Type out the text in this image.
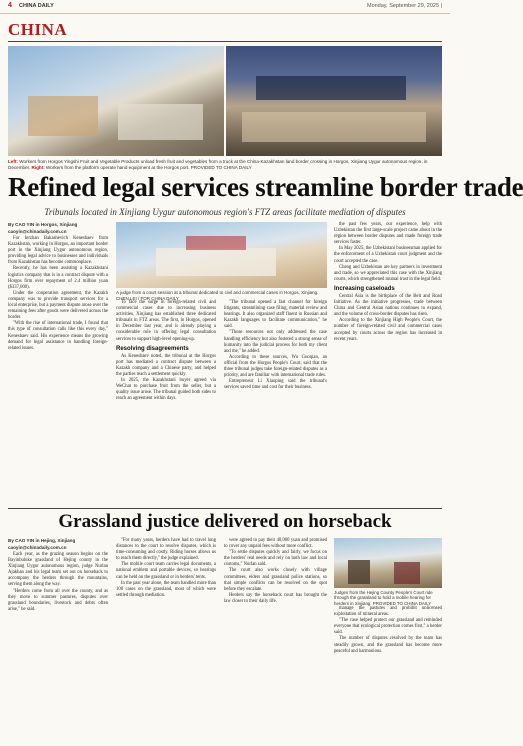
4 CHINA DAILY	Monday, September 29, 2025 |
CHINA
Left: Workers from Horgos Yingshi Fruit and Vegetable Products unload fresh fruit and vegetables from a truck at the China-Kazakhstan land border crossing in Horgos, Xinjiang Uygur autonomous region, in December. Right: Workers from the platform operate hand equipment at the Horgos port. PROVIDED TO CHINA DAILY
Refined legal services streamline border trade
Tribunals located in Xinjiang Uygur autonomous region's FTZ areas facilitate mediation of disputes
By CAO YIN in Horgos, Xinjiang
caoyin@chinadaily.com.cn

For Ierzhan Bakashevich Kenesbaev from Kazakhstan, working in Horgos, an important border port in the Xinjiang Uygur autonomous region, providing legal advice to businesses and individuals from Kazakhstan has become commonplace.

Recently, he has been assisting a Kazakhstani logistics company that is in a contract dispute with a Horgos firm over repayment of 2.4 million yuan ($337,000).

Under the cooperation agreement, the Kazakh company was to provide transport services for a local enterprise, but a payment dispute arose over the remaining fees after goods were delivered across the border.

"With the rise of international trade, I found that this type of consultation calls like this every day," Kenesbaev said. His experience means the growing demand for legal assistance in handling foreign-related issues.

A judge from a court session at a tribunal dedicated to civil and commercial cases in Horgos, Xinjiang. CHEN LEI / FOR CHINA DAILY

To face the surge in foreign-related civil and commercial cases due to increasing business activities, Xinjiang has established three dedicated tribunals in FTZ areas. The first, in Horgos, opened in December last year, and is already playing a considerable role in offering legal consultation services to support high-level opening-up.

Resolving disagreements

As Kenesbaev noted, the tribunal at the Horgos port has mediated a contract dispute between a Kazakh company and a Chinese party, and helped the parties reach a settlement quickly.

In 2025, the Kazakhstani buyer agreed via WeChat to purchase fruit from the seller, but a quality issue arose. The tribunal guided both sides to reach an agreement within days.

"The tribunal opened a fast channel for foreign litigants, streamlining case filing, material review and hearings. It also organized staff fluent in Russian and Kazakh languages to facilitate communication," he said.

"Those resources not only addressed the case handling efficiency but also fostered a strong sense of humanity into the judicial process for both my client and me," he added.

According to these sources, Wu Guoqian, an official from the Horgos People's Court, said that the three tribunal judges take foreign-related disputes as a priority, and are familiar with international trade rules.

Entrepreneur Li Xiaoping said the tribunal's services saved time and cost for their business.

the past few years, our experience, help with Uzbekistan the first large-scale project came about in the region between border disputes and made foreign trade services faster.

In May 2025, the Uzbekistani businessman applied for the enforcement of a Uzbekistan court judgment and the court accepted the case.

Cheng and Uzbekistan are key partners in investment and trade, so we appreciated this case with the Xinjiang courts, which strengthened mutual trust in the legal field.

Increasing caseloads

Central Asia is the birthplace of the Belt and Road Initiative. As the initiative progresses, trade between China and Central Asian nations continues to expand, and the volume of cross-border disputes has risen.

According to the Xinjiang High People's Court, the number of foreign-related civil and commercial cases accepted by courts across the region has increased in recent years.

Grassland justice delivered on horseback
By CAO YIN in Hejing, Xinjiang
caoyin@chinadaily.com.cn

Each year, as the grazing season begins on the Bayinbuluke grassland of Hejing county in the Xinjiang Uygur autonomous region, judge Nurlan Ajakhan and his legal team set out on horseback to accompany the herders through the mountains, serving them along the way.

"Herders come from all over the county, and as they move to summer pastures, disputes over grassland boundaries, livestock and debts often arise," he said.

"For many years, herders have had to travel long distances to the court to resolve disputes, which is time-consuming and costly. Riding horses allows us to reach them directly," the judge explained.

The mobile court team carries legal documents, a national emblem and portable devices, so hearings can be held on the grassland or in herders' tents.

In the past year alone, the team handled more than 100 cases on the grassland, most of which were settled through mediation.

were agreed to pay their 40,000 yuan and promised to cover any unpaid fees without more conflict.

"To settle disputes quickly and fairly, we focus on the herders' real needs and rely on both law and local customs," Nurlan said.

The court also works closely with village committees, elders and grassland police stations, so that simple conflicts can be resolved on the spot before they escalate.

Herders say the horseback court has brought the law closer to their daily life.

Judges from the Hejing County People's Court ride through the grassland to hold a mobile hearing for herders in Xinjiang. PROVIDED TO CHINA DAILY

manage the pastures and prohibit unlicensed exploitation of mineral areas.

"The case helped protect our grassland and reminded everyone that ecological protection comes first," a herder said.

The number of disputes resolved by the team has steadily grown, and the grassland has become more peaceful and harmonious.
